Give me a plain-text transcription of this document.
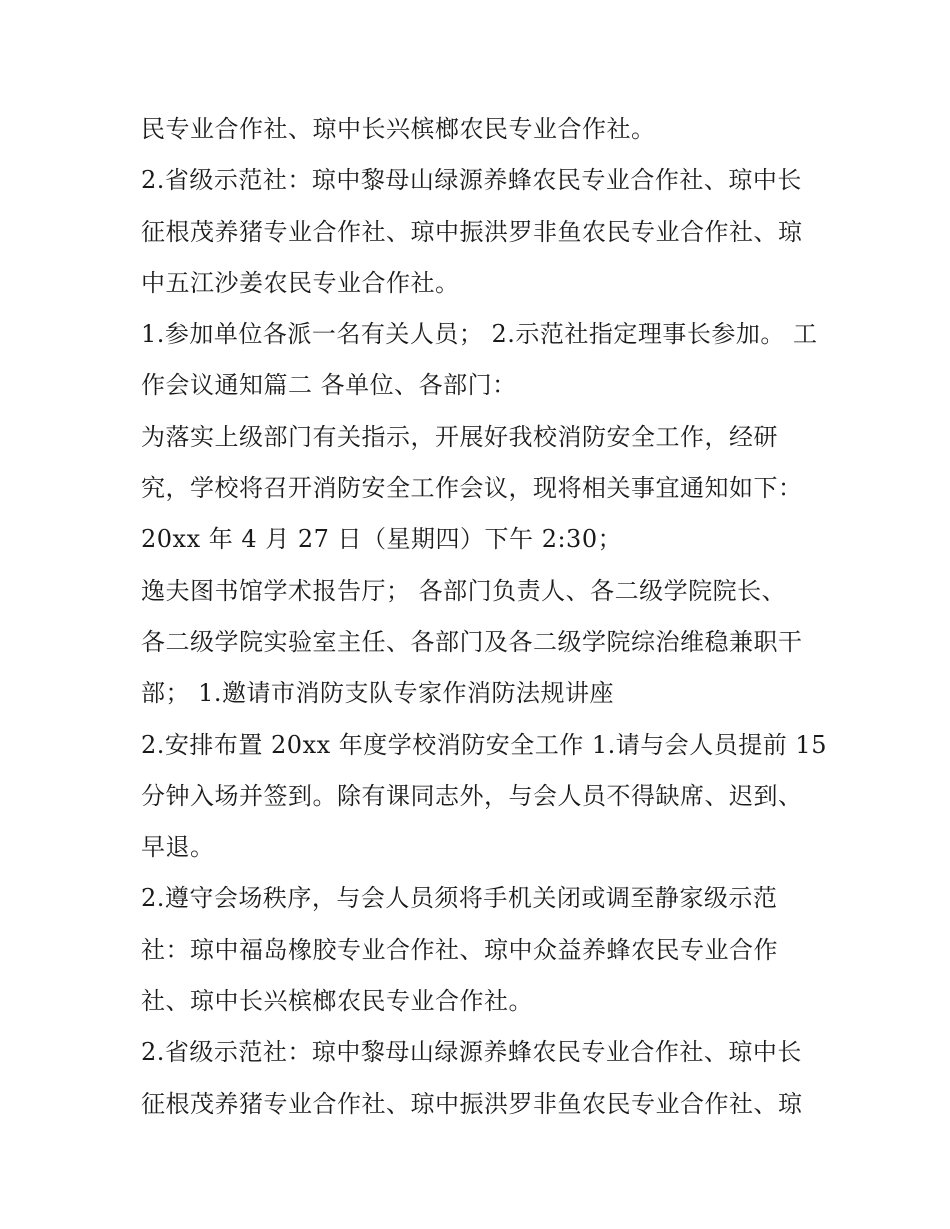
民专业合作社、琼中长兴槟榔农民专业合作社。
2.省级示范社：琼中黎母山绿源养蜂农民专业合作社、琼中长
征根茂养猪专业合作社、琼中振洪罗非鱼农民专业合作社、琼
中五江沙姜农民专业合作社。
1.参加单位各派一名有关人员； 2.示范社指定理事长参加。 工
作会议通知篇二 各单位、各部门：
为落实上级部门有关指示，开展好我校消防安全工作，经研
究，学校将召开消防安全工作会议，现将相关事宜通知如下：
20xx 年 4 月 27 日（星期四）下午 2:30；
逸夫图书馆学术报告厅； 各部门负责人、各二级学院院长、
各二级学院实验室主任、各部门及各二级学院综治维稳兼职干
部； 1.邀请市消防支队专家作消防法规讲座
2.安排布置 20xx 年度学校消防安全工作 1.请与会人员提前 15
分钟入场并签到。除有课同志外，与会人员不得缺席、迟到、
早退。
2.遵守会场秩序，与会人员须将手机关闭或调至静家级示范
社：琼中福岛橡胶专业合作社、琼中众益养蜂农民专业合作
社、琼中长兴槟榔农民专业合作社。
2.省级示范社：琼中黎母山绿源养蜂农民专业合作社、琼中长
征根茂养猪专业合作社、琼中振洪罗非鱼农民专业合作社、琼
